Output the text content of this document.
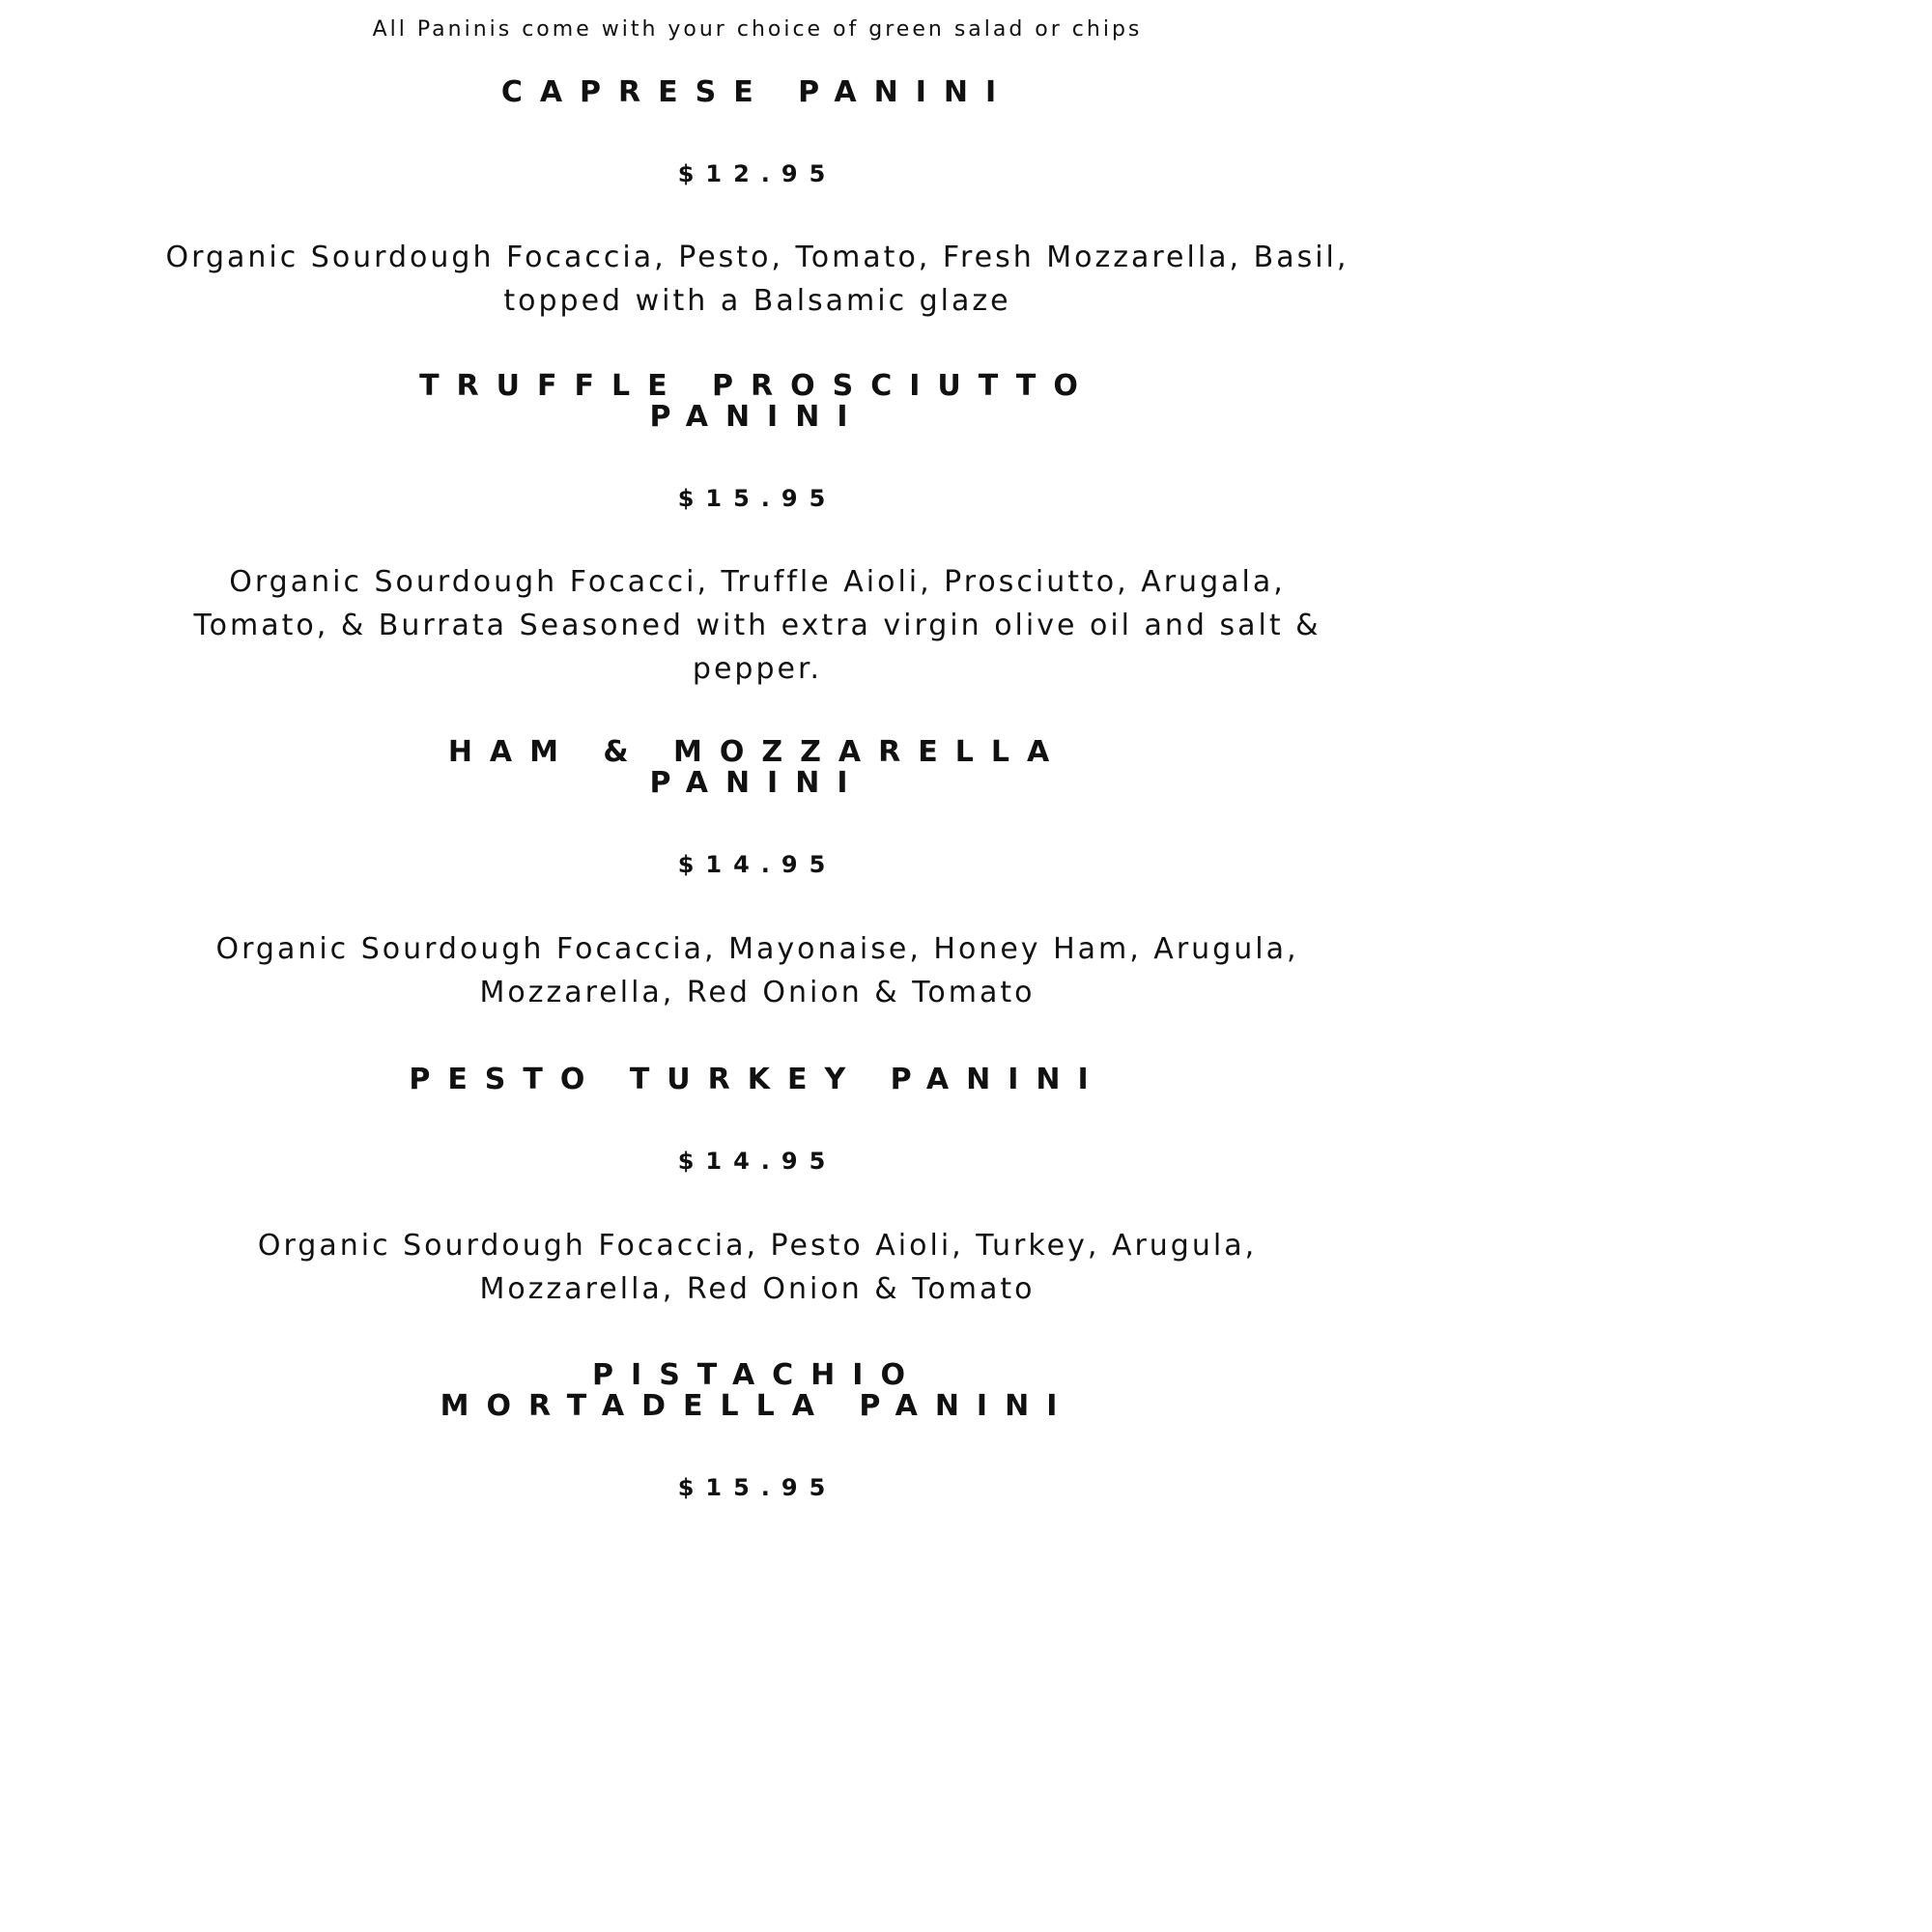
All Paninis come with your choice of green salad or chips
CAPRESE PANINI
$12.95
Organic Sourdough Focaccia, Pesto, Tomato, Fresh Mozzarella, Basil,
topped with a Balsamic glaze
TRUFFLE PROSCIUTTO
PANINI
$15.95
Organic Sourdough Focacci, Truffle Aioli, Prosciutto, Arugala,
Tomato, & Burrata Seasoned with extra virgin olive oil and salt &
pepper.
HAM & MOZZARELLA
PANINI
$14.95
Organic Sourdough Focaccia, Mayonaise, Honey Ham, Arugula,
Mozzarella, Red Onion & Tomato
PESTO TURKEY PANINI
$14.95
Organic Sourdough Focaccia, Pesto Aioli, Turkey, Arugula,
Mozzarella, Red Onion & Tomato
PISTACHIO
MORTADELLA PANINI
$15.95
